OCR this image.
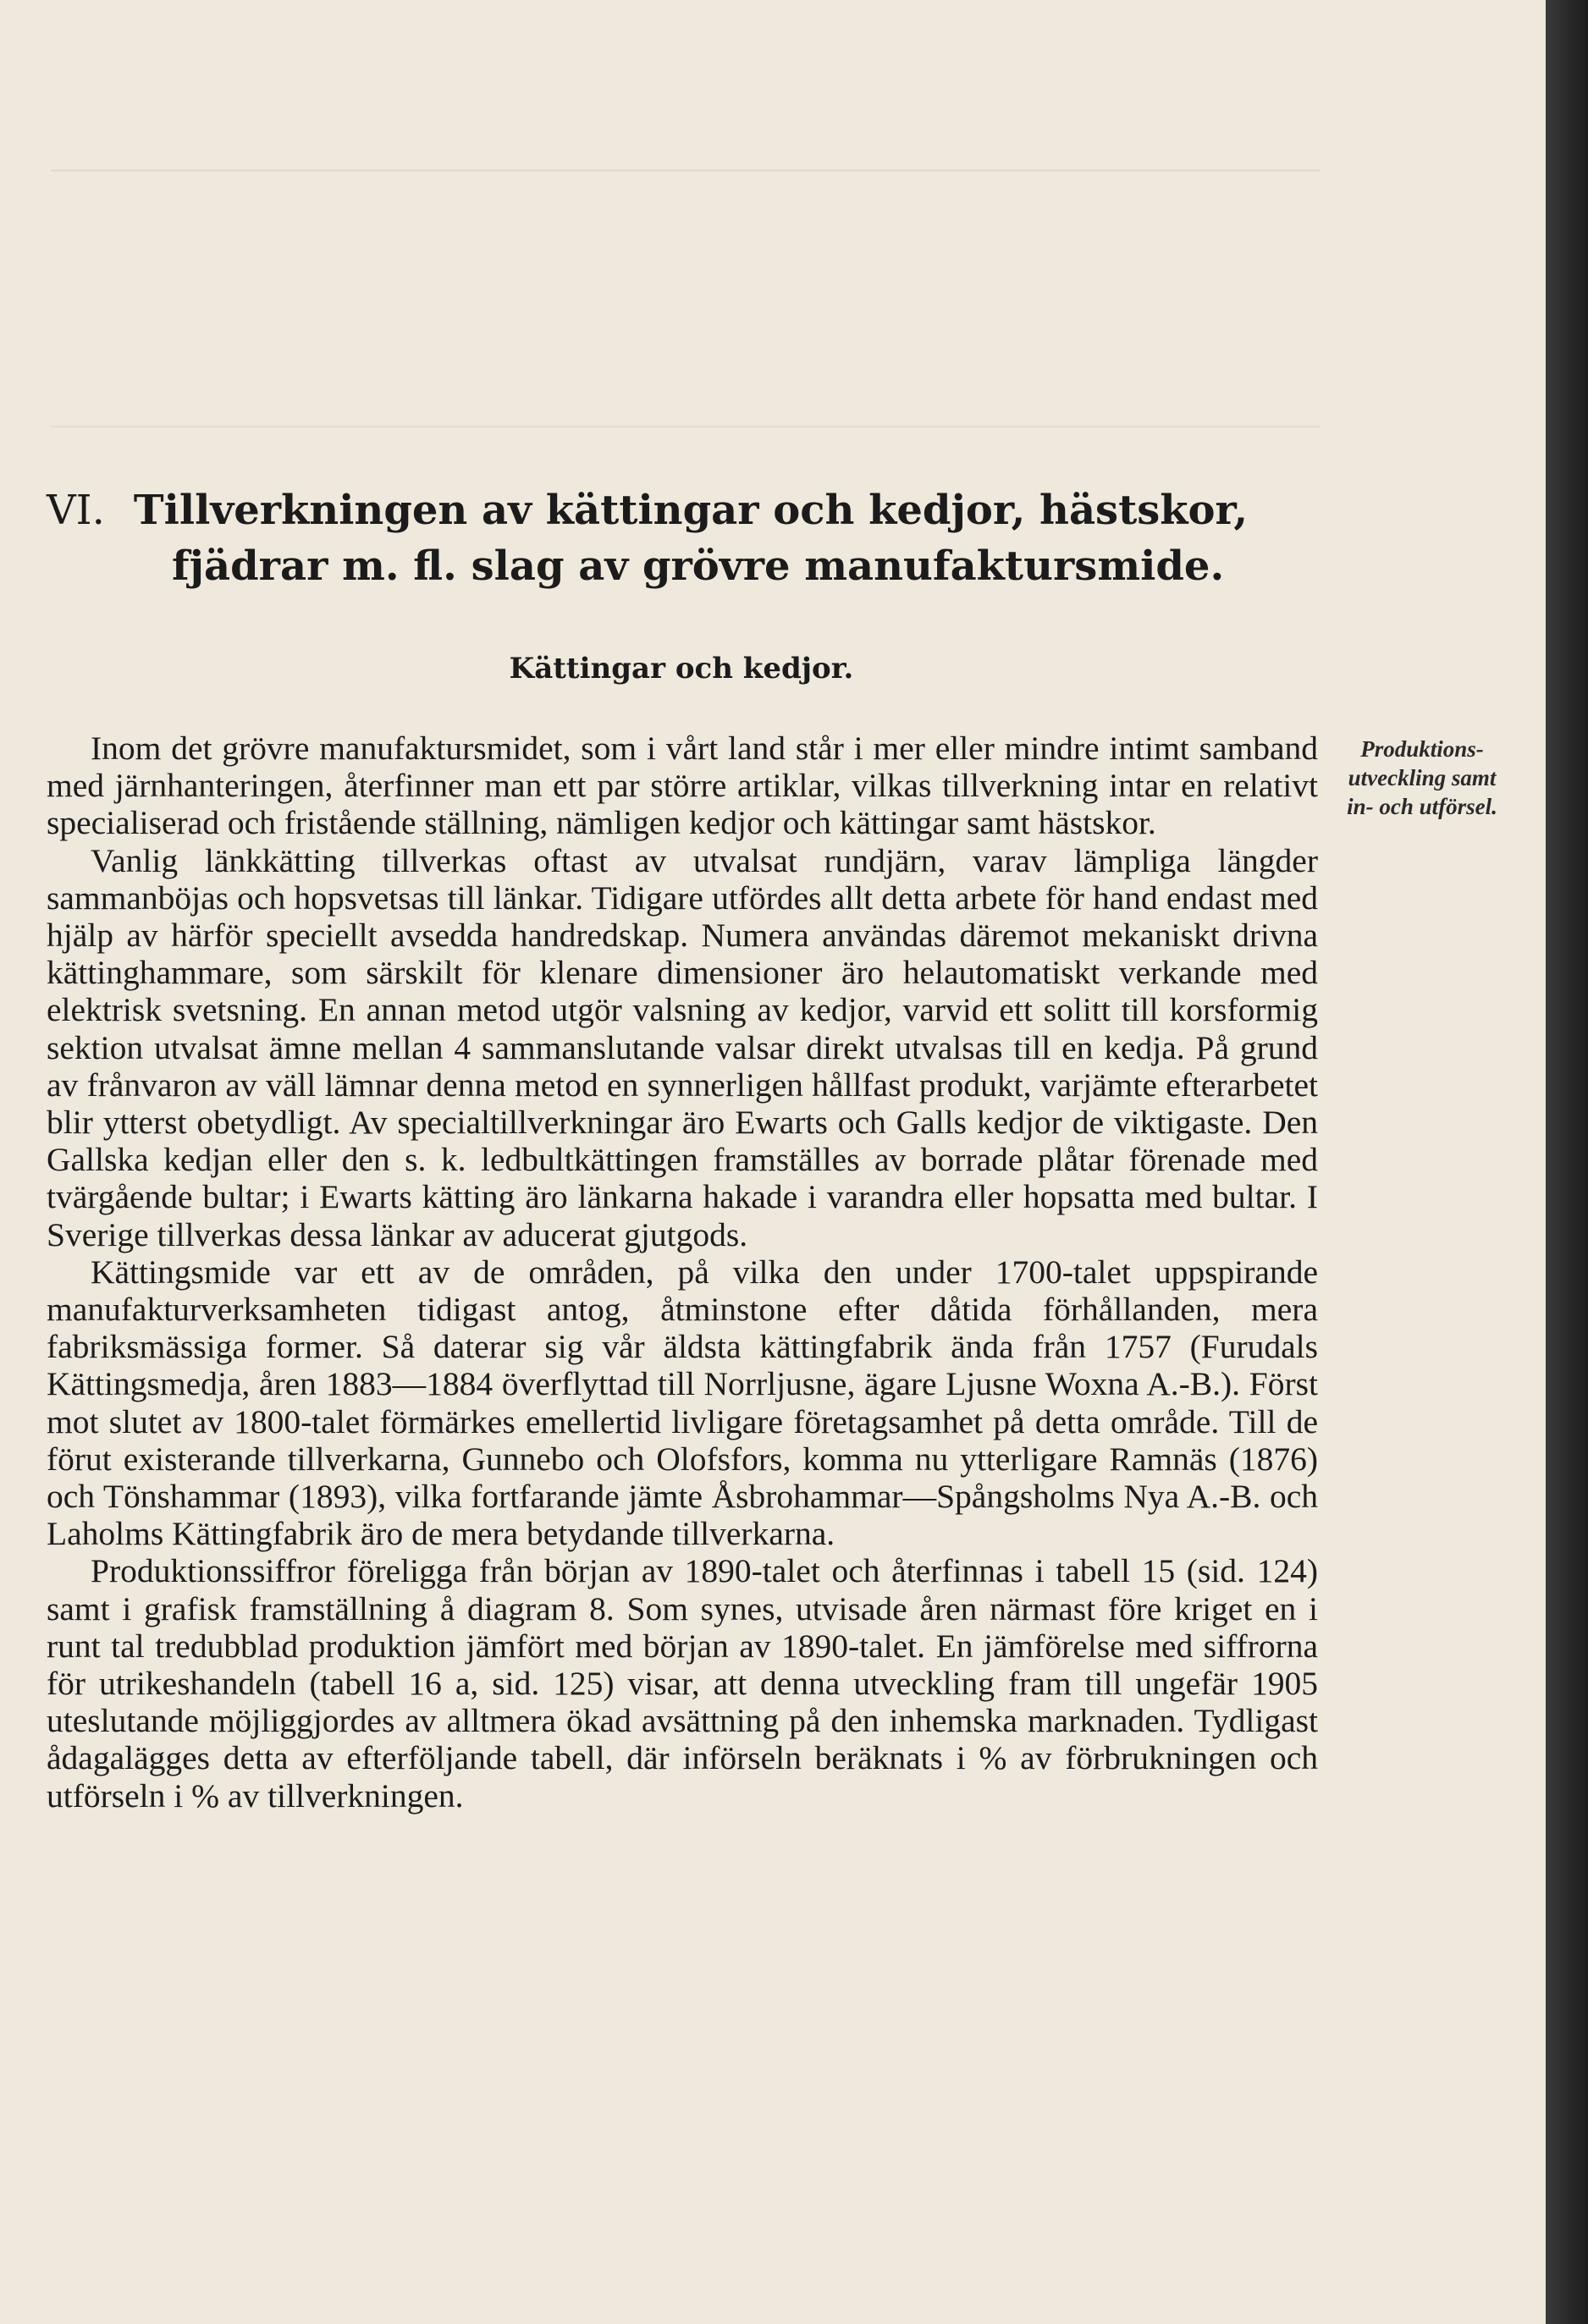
VI. Tillverkningen av kättingar och kedjor, hästskor,
fjädrar m. fl. slag av grövre manufaktursmide.
Kättingar och kedjor.
Produktions- utveckling samt in- och utförsel.

Inom det grövre manufaktursmidet, som i vårt land står i mer eller mindre intimt samband med järnhanteringen, återfinner man ett par större artiklar, vilkas tillverkning intar en relativt specialiserad och fristående ställning, nämligen kedjor och kättingar samt hästskor.

Vanlig länkkätting tillverkas oftast av utvalsat rundjärn, varav lämpliga längder sammanböjas och hopsvetsas till länkar. Tidigare utfördes allt detta arbete för hand endast med hjälp av härför speciellt avsedda handredskap. Numera användas däremot mekaniskt drivna kättinghammare, som särskilt för klenare dimensioner äro helautomatiskt verkande med elektrisk svetsning. En annan metod utgör valsning av kedjor, varvid ett solitt till korsformig sektion utvalsat ämne mellan 4 sammanslutande valsar direkt utvalsas till en kedja. På grund av frånvaron av väll lämnar denna metod en synnerligen hållfast produkt, varjämte efterarbetet blir ytterst obetydligt. Av specialtillverkningar äro Ewarts och Galls kedjor de viktigaste. Den Gallska kedjan eller den s. k. ledbultkättingen framställes av borrade plåtar förenade med tvärgående bultar; i Ewarts kätting äro länkarna hakade i varandra eller hopsatta med bultar. I Sverige tillverkas dessa länkar av aducerat gjutgods.

Kättingsmide var ett av de områden, på vilka den under 1700-talet uppspirande manufakturverksamheten tidigast antog, åtminstone efter dåtida förhållanden, mera fabriksmässiga former. Så daterar sig vår äldsta kättingfabrik ända från 1757 (Furudals Kättingsmedja, åren 1883—1884 överflyttad till Norrljusne, ägare Ljusne Woxna A.-B.). Först mot slutet av 1800-talet förmärkes emellertid livligare företagsamhet på detta område. Till de förut existerande tillverkarna, Gunnebo och Olofsfors, komma nu ytterligare Ramnäs (1876) och Tönshammar (1893), vilka fortfarande jämte Åsbrohammar—Spångsholms Nya A.-B. och Laholms Kättingfabrik äro de mera betydande tillverkarna.

Produktionssiffror föreligga från början av 1890-talet och återfinnas i tabell 15 (sid. 124) samt i grafisk framställning å diagram 8. Som synes, utvisade åren närmast före kriget en i runt tal tredubblad produktion jämfört med början av 1890-talet. En jämförelse med siffrorna för utrikeshandeln (tabell 16 a, sid. 125) visar, att denna utveckling fram till ungefär 1905 uteslutande möjliggjordes av alltmera ökad avsättning på den inhemska marknaden. Tydligast ådagalägges detta av efterföljande tabell, där införseln beräknats i % av förbrukningen och utförseln i % av tillverkningen.
